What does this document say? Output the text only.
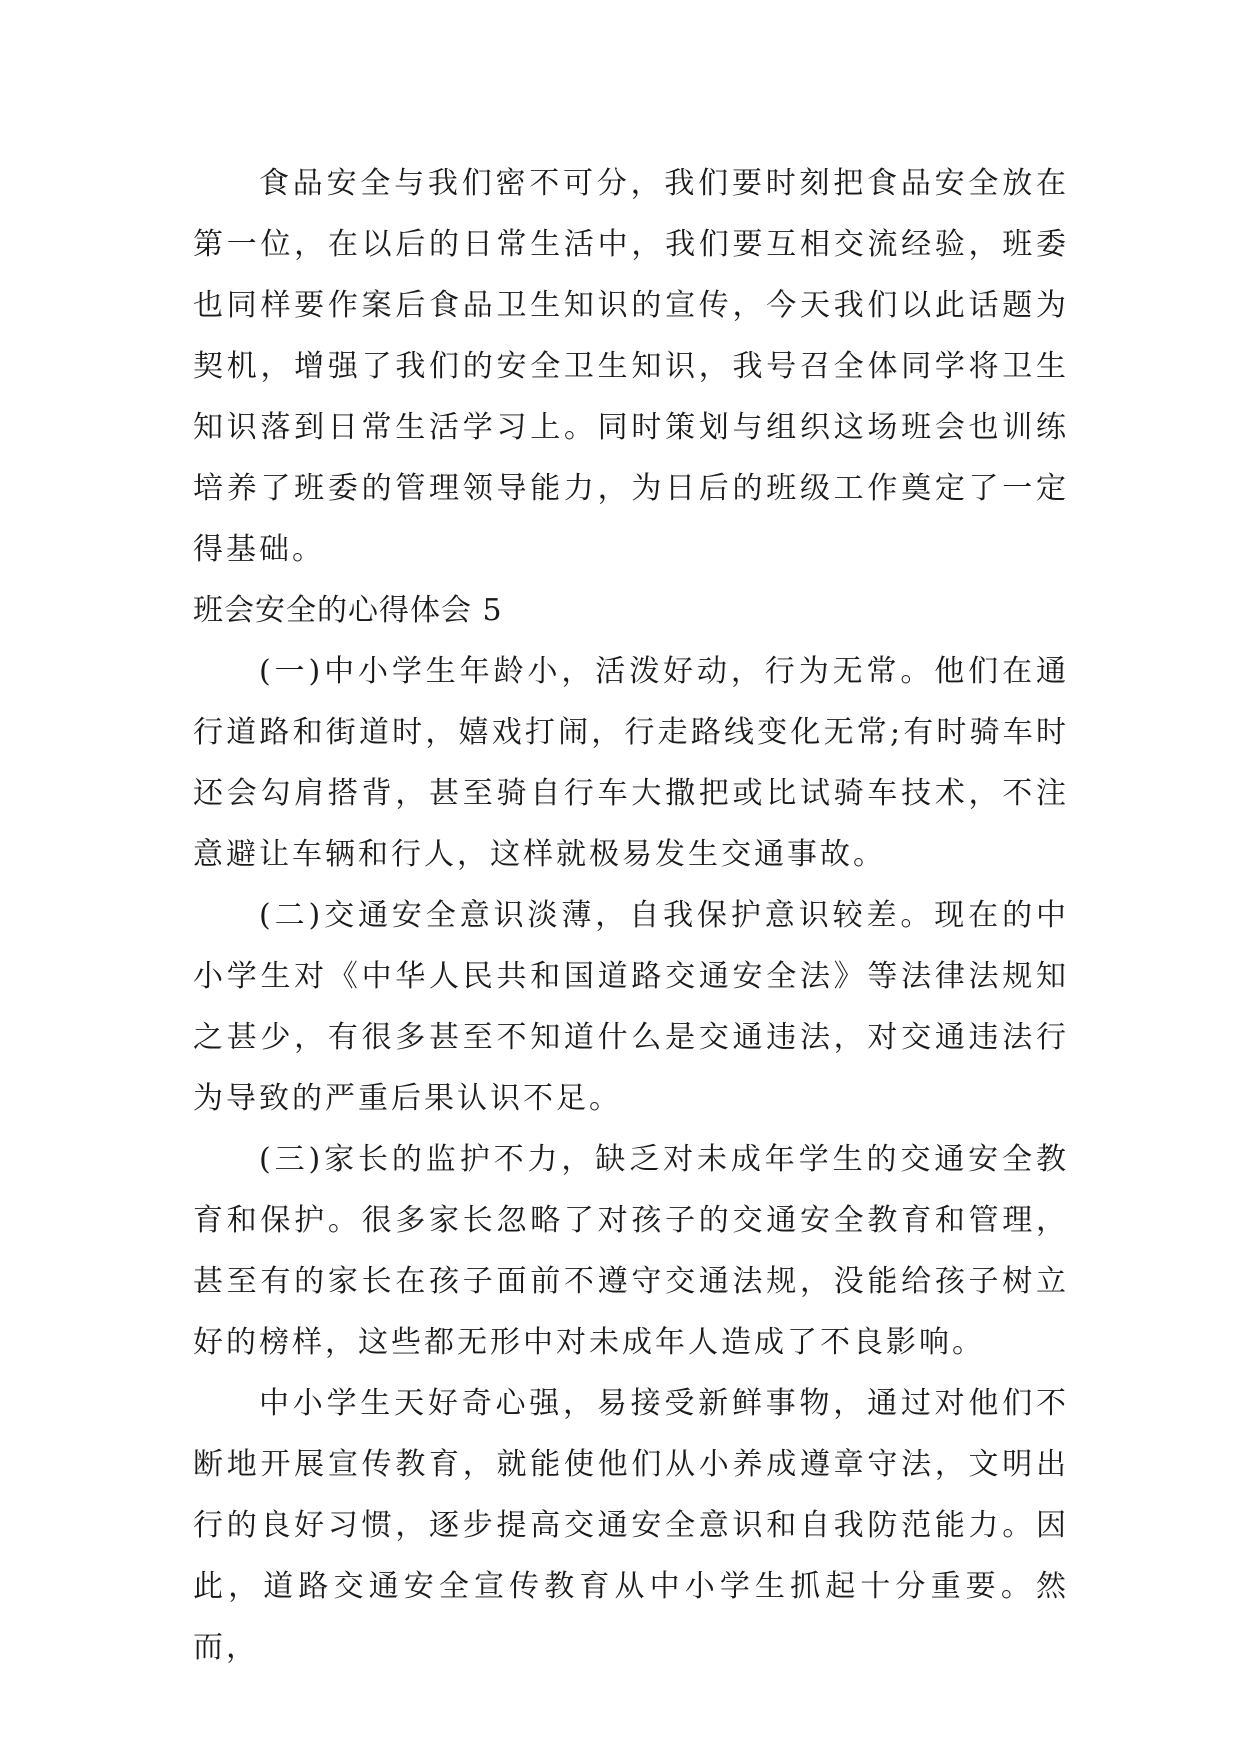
食品安全与我们密不可分，我们要时刻把食品安全放在第一位，在以后的日常生活中，我们要互相交流经验，班委也同样要作案后食品卫生知识的宣传，今天我们以此话题为契机，增强了我们的安全卫生知识，我号召全体同学将卫生知识落到日常生活学习上。同时策划与组织这场班会也训练培养了班委的管理领导能力，为日后的班级工作奠定了一定得基础。

班会安全的心得体会 5

(一)中小学生年龄小，活泼好动，行为无常。他们在通行道路和街道时，嬉戏打闹，行走路线变化无常;有时骑车时还会勾肩搭背，甚至骑自行车大撒把或比试骑车技术，不注意避让车辆和行人，这样就极易发生交通事故。

(二)交通安全意识淡薄，自我保护意识较差。现在的中小学生对《中华人民共和国道路交通安全法》等法律法规知之甚少，有很多甚至不知道什么是交通违法，对交通违法行为导致的严重后果认识不足。

(三)家长的监护不力，缺乏对未成年学生的交通安全教育和保护。很多家长忽略了对孩子的交通安全教育和管理，甚至有的家长在孩子面前不遵守交通法规，没能给孩子树立好的榜样，这些都无形中对未成年人造成了不良影响。

中小学生天好奇心强，易接受新鲜事物，通过对他们不断地开展宣传教育，就能使他们从小养成遵章守法，文明出行的良好习惯，逐步提高交通安全意识和自我防范能力。因此，道路交通安全宣传教育从中小学生抓起十分重要。然而，
